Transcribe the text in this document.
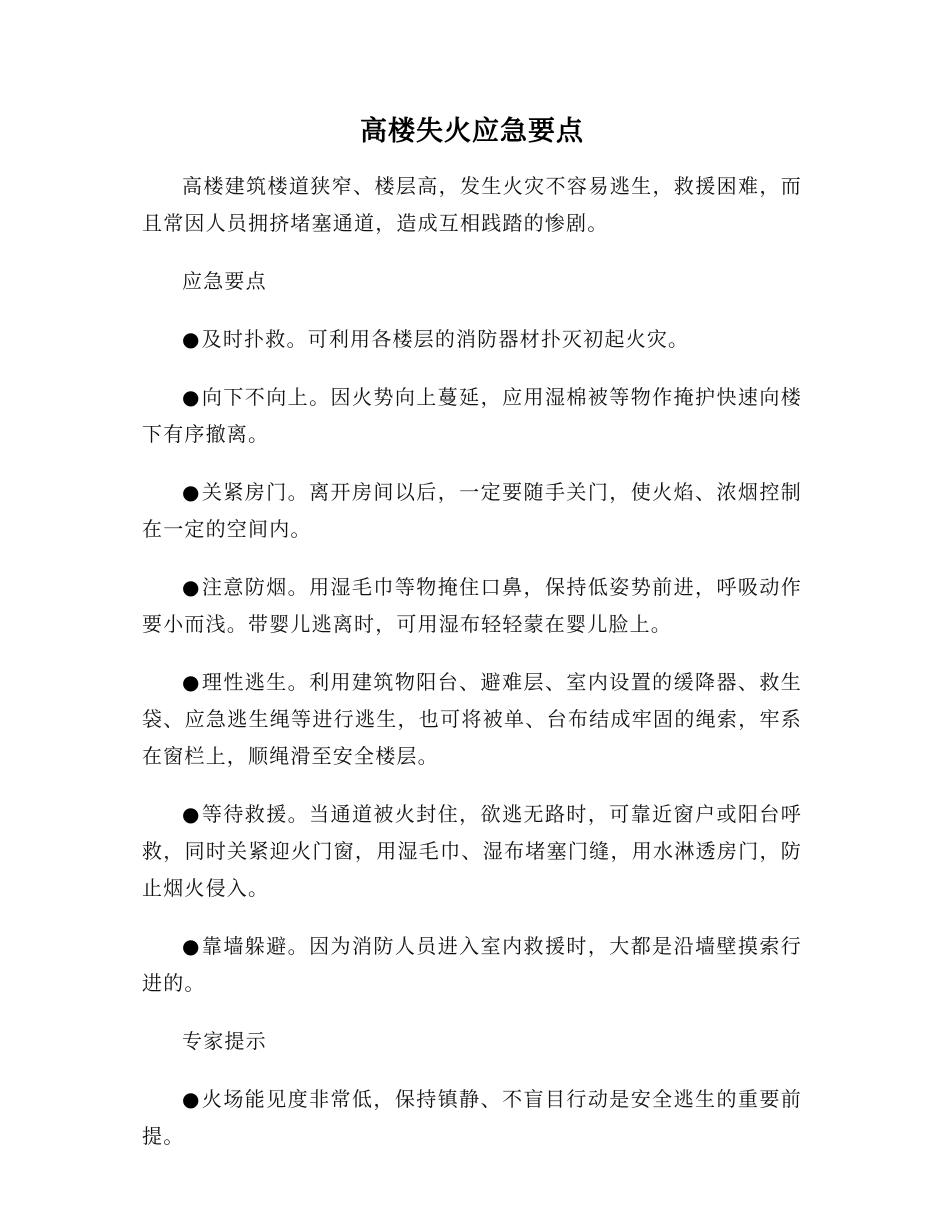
高楼失火应急要点

高楼建筑楼道狭窄、楼层高，发生火灾不容易逃生，救援困难，而且常因人员拥挤堵塞通道，造成互相践踏的惨剧。

应急要点

●及时扑救。可利用各楼层的消防器材扑灭初起火灾。

●向下不向上。因火势向上蔓延，应用湿棉被等物作掩护快速向楼下有序撤离。

●关紧房门。离开房间以后，一定要随手关门，使火焰、浓烟控制在一定的空间内。

●注意防烟。用湿毛巾等物掩住口鼻，保持低姿势前进，呼吸动作要小而浅。带婴儿逃离时，可用湿布轻轻蒙在婴儿脸上。

●理性逃生。利用建筑物阳台、避难层、室内设置的缓降器、救生袋、应急逃生绳等进行逃生，也可将被单、台布结成牢固的绳索，牢系在窗栏上，顺绳滑至安全楼层。

●等待救援。当通道被火封住，欲逃无路时，可靠近窗户或阳台呼救，同时关紧迎火门窗，用湿毛巾、湿布堵塞门缝，用水淋透房门，防止烟火侵入。

●靠墙躲避。因为消防人员进入室内救援时，大都是沿墙壁摸索行进的。

专家提示

●火场能见度非常低，保持镇静、不盲目行动是安全逃生的重要前提。
